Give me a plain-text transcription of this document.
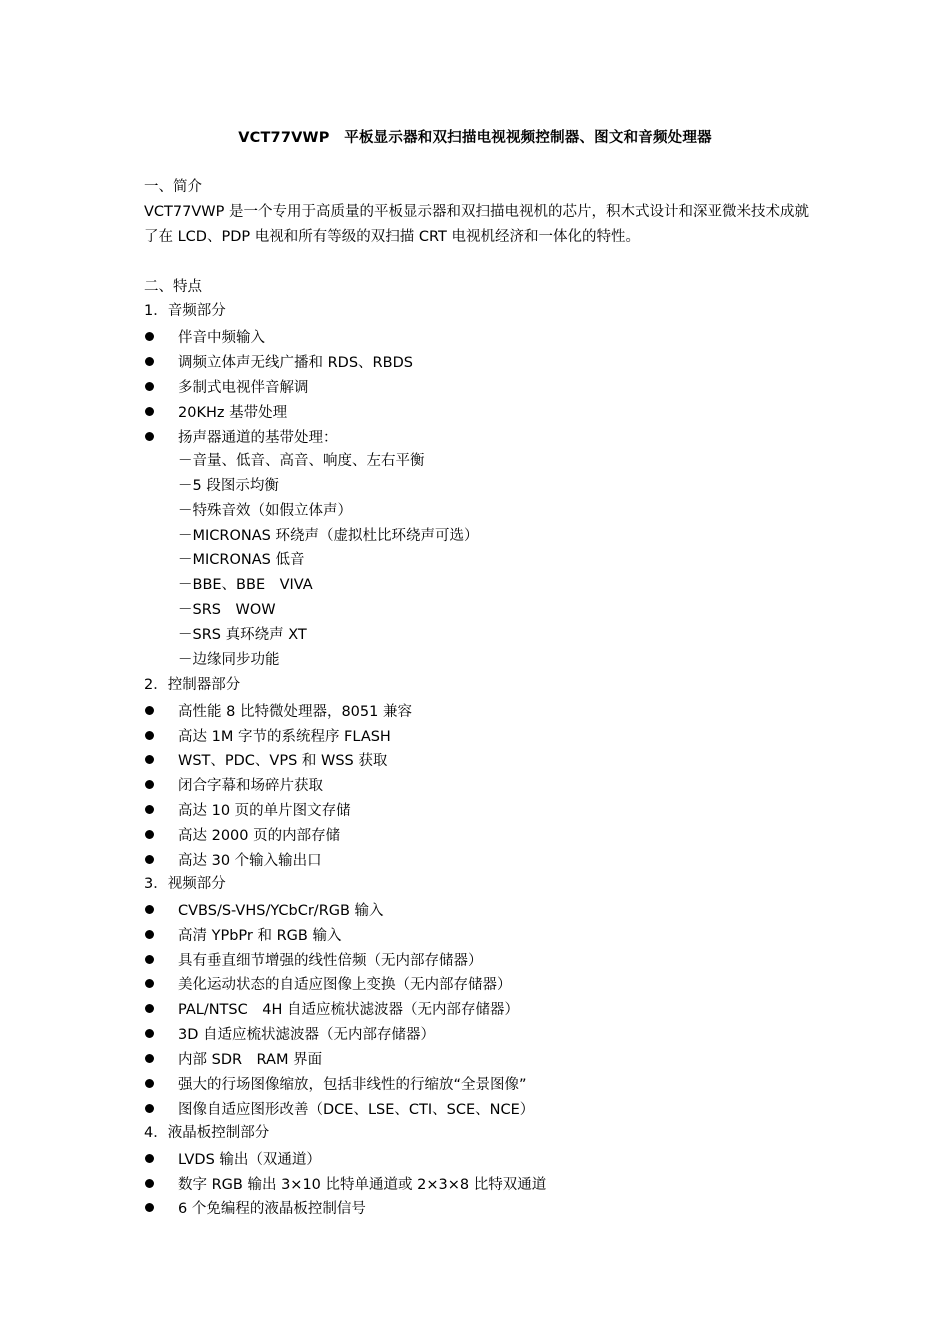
VCT77VWP　平板显示器和双扫描电视视频控制器、图文和音频处理器
一、简介
VCT77VWP 是一个专用于高质量的平板显示器和双扫描电视机的芯片，积木式设计和深亚微米技术成就了在 LCD、PDP 电视和所有等级的双扫描 CRT 电视机经济和一体化的特性。
二、特点
1．音频部分
伴音中频输入
调频立体声无线广播和 RDS、RBDS
多制式电视伴音解调
20KHz 基带处理
扬声器通道的基带处理：
－音量、低音、高音、响度、左右平衡
－5 段图示均衡
－特殊音效（如假立体声）
－MICRONAS 环绕声（虚拟杜比环绕声可选）
－MICRONAS 低音
－BBE、BBE　VIVA
－SRS　WOW
－SRS 真环绕声 XT
－边缘同步功能
2．控制器部分
高性能 8 比特微处理器，8051 兼容
高达 1M 字节的系统程序 FLASH
WST、PDC、VPS 和 WSS 获取
闭合字幕和场碎片获取
高达 10 页的单片图文存储
高达 2000 页的内部存储
高达 30 个输入输出口
3．视频部分
CVBS/S-VHS/YCbCr/RGB 输入
高清 YPbPr 和 RGB 输入
具有垂直细节增强的线性倍频（无内部存储器）
美化运动状态的自适应图像上变换（无内部存储器）
PAL/NTSC　4H 自适应梳状滤波器（无内部存储器）
3D 自适应梳状滤波器（无内部存储器）
内部 SDR　RAM 界面
强大的行场图像缩放，包括非线性的行缩放“全景图像”
图像自适应图形改善（DCE、LSE、CTI、SCE、NCE）
4．液晶板控制部分
LVDS 输出（双通道）
数字 RGB 输出 3×10 比特单通道或 2×3×8 比特双通道
6 个免编程的液晶板控制信号
